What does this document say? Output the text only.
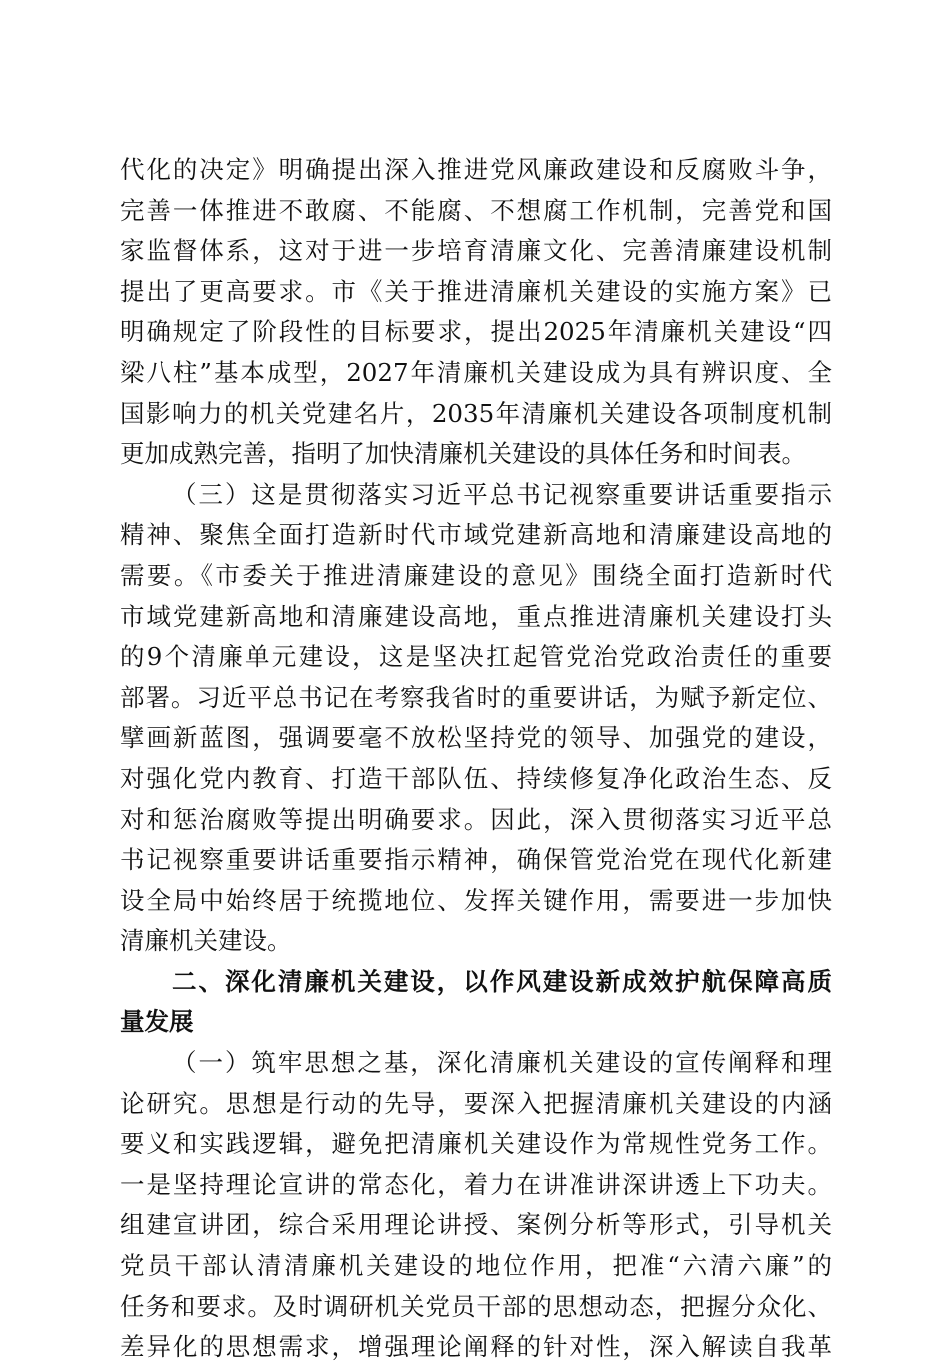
代化的决定》明确提出深入推进党风廉政建设和反腐败斗争，
完善一体推进不敢腐、不能腐、不想腐工作机制，完善党和国
家监督体系，这对于进一步培育清廉文化、完善清廉建设机制
提出了更高要求。市《关于推进清廉机关建设的实施方案》已
明确规定了阶段性的目标要求，提出2025年清廉机关建设“四
梁八柱”基本成型，2027年清廉机关建设成为具有辨识度、全
国影响力的机关党建名片，2035年清廉机关建设各项制度机制
更加成熟完善，指明了加快清廉机关建设的具体任务和时间表。
（三）这是贯彻落实习近平总书记视察重要讲话重要指示
精神、聚焦全面打造新时代市域党建新高地和清廉建设高地的
需要。《市委关于推进清廉建设的意见》围绕全面打造新时代
市域党建新高地和清廉建设高地，重点推进清廉机关建设打头
的9个清廉单元建设，这是坚决扛起管党治党政治责任的重要
部署。习近平总书记在考察我省时的重要讲话，为赋予新定位、
擘画新蓝图，强调要毫不放松坚持党的领导、加强党的建设，
对强化党内教育、打造干部队伍、持续修复净化政治生态、反
对和惩治腐败等提出明确要求。因此，深入贯彻落实习近平总
书记视察重要讲话重要指示精神，确保管党治党在现代化新建
设全局中始终居于统揽地位、发挥关键作用，需要进一步加快
清廉机关建设。
二、深化清廉机关建设，以作风建设新成效护航保障高质
量发展
（一）筑牢思想之基，深化清廉机关建设的宣传阐释和理
论研究。思想是行动的先导，要深入把握清廉机关建设的内涵
要义和实践逻辑，避免把清廉机关建设作为常规性党务工作。
一是坚持理论宣讲的常态化，着力在讲准讲深讲透上下功夫。
组建宣讲团，综合采用理论讲授、案例分析等形式，引导机关
党员干部认清清廉机关建设的地位作用，把准“六清六廉”的
任务和要求。及时调研机关党员干部的思想动态，把握分众化、
差异化的思想需求，增强理论阐释的针对性，深入解读自我革
